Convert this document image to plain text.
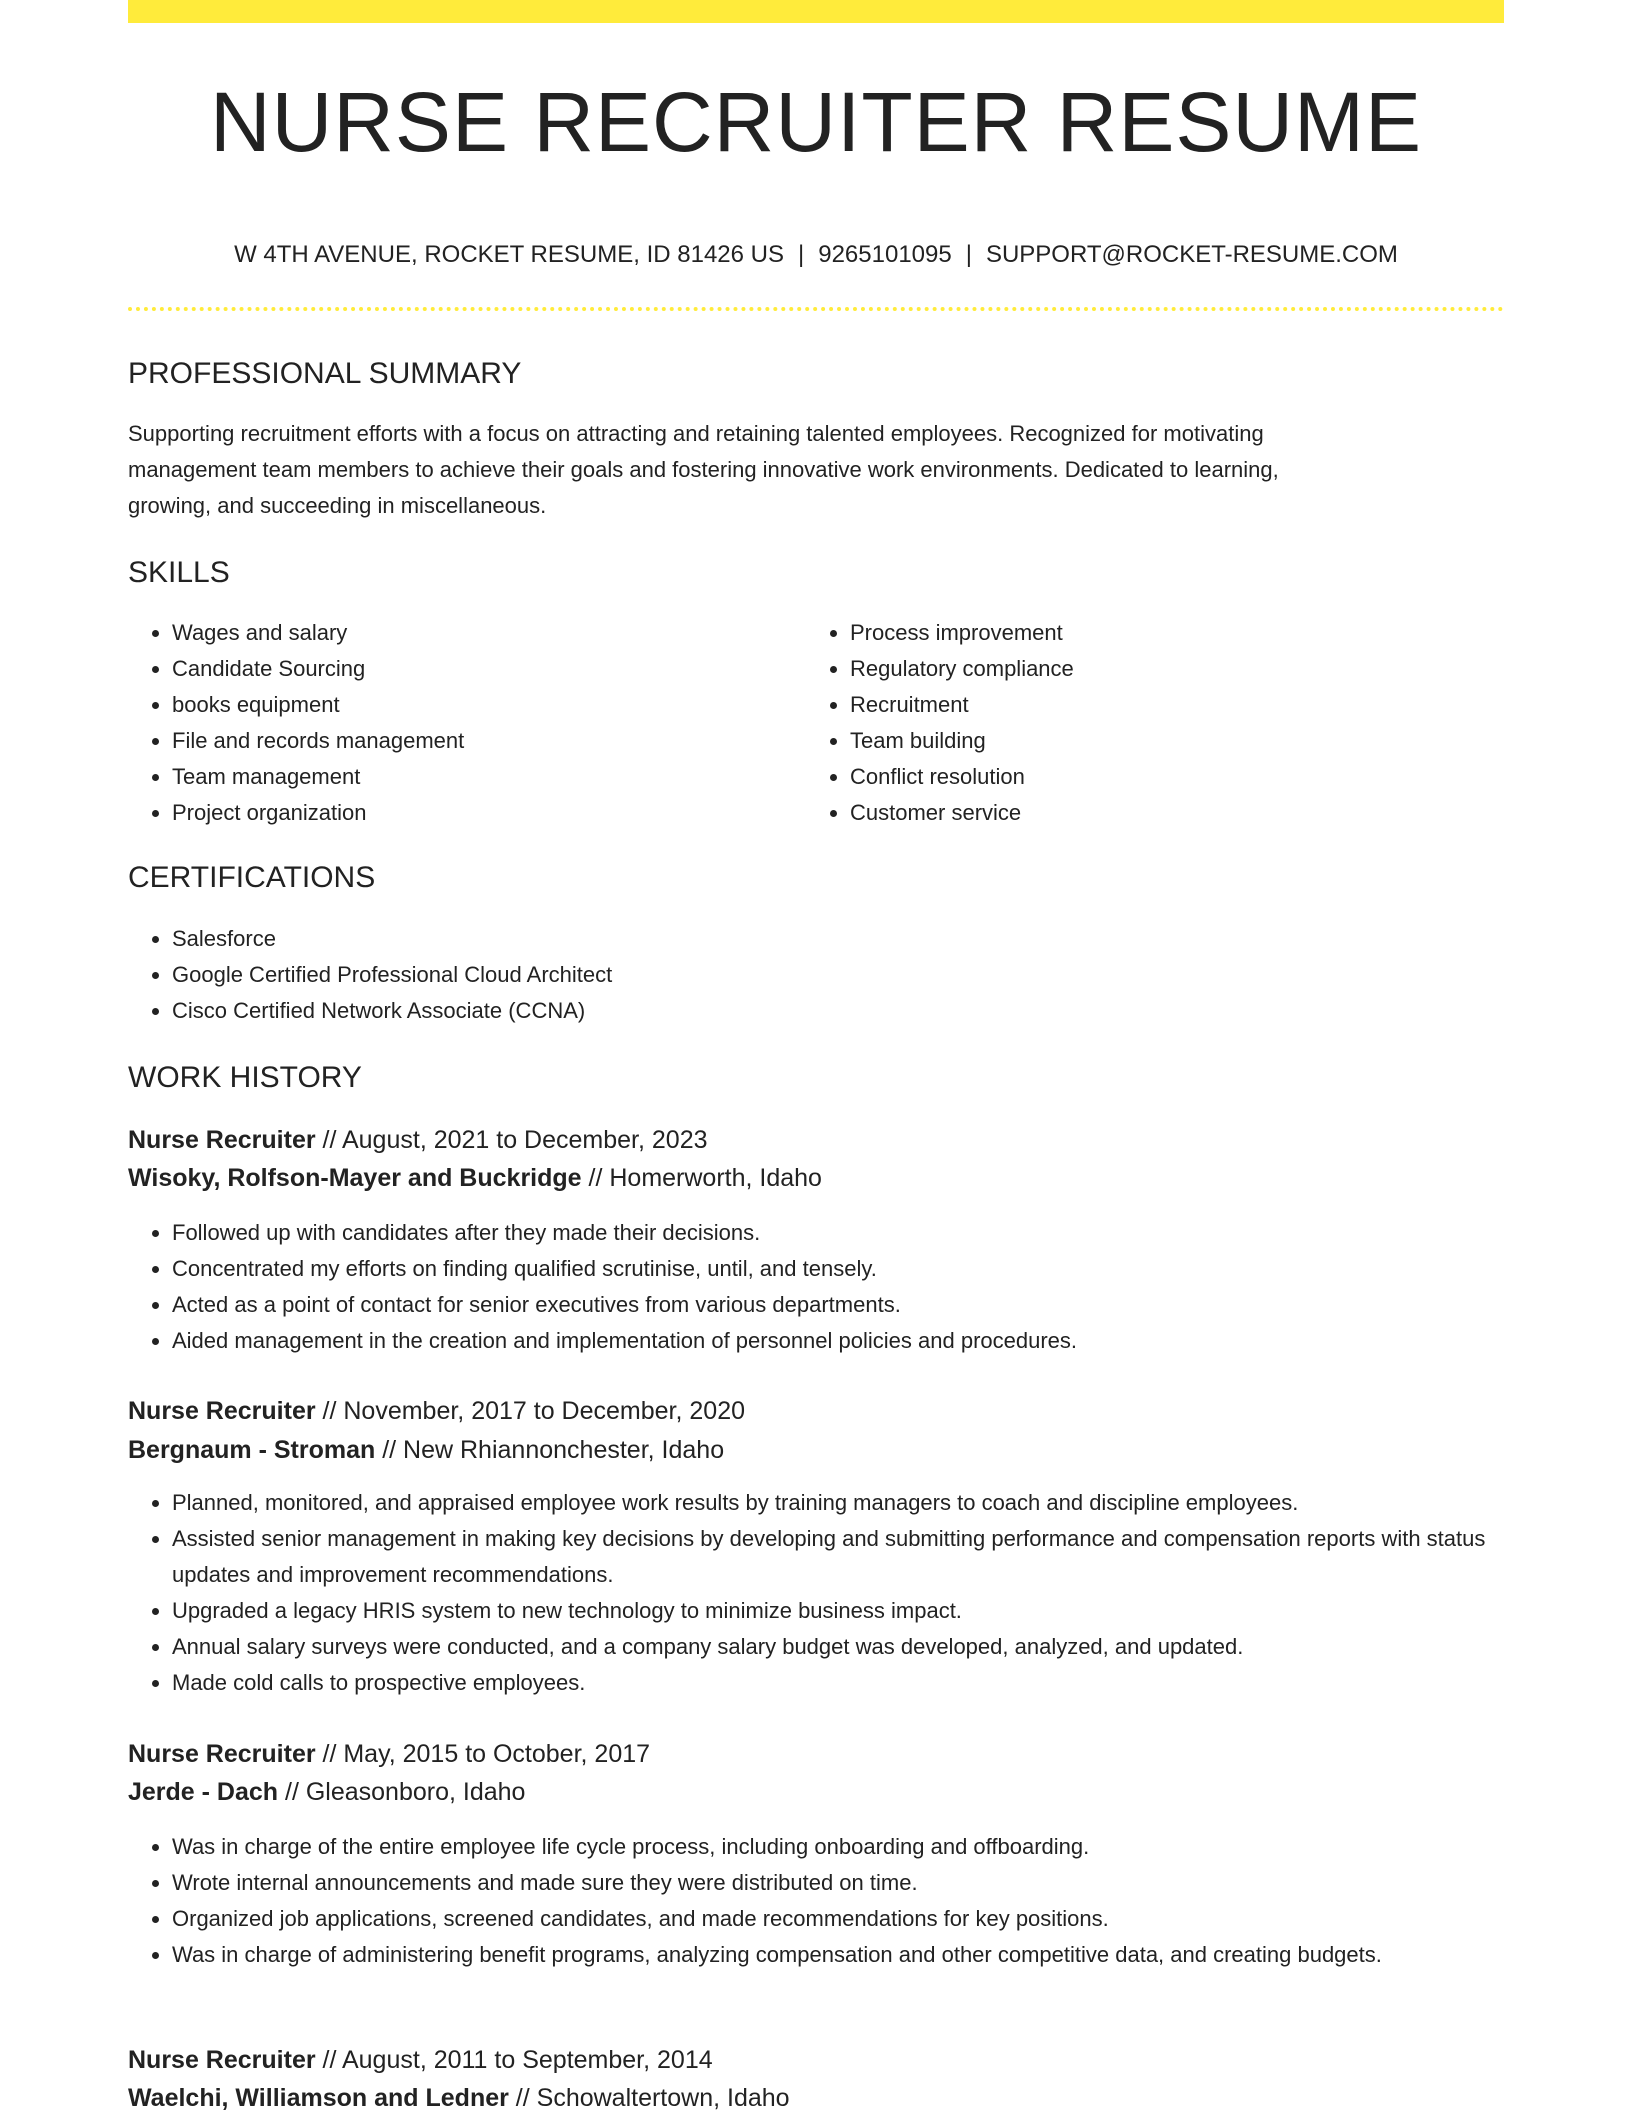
NURSE RECRUITER RESUME
W 4TH AVENUE, ROCKET RESUME, ID 81426 US | 9265101095 | SUPPORT@ROCKET-RESUME.COM
PROFESSIONAL SUMMARY
Supporting recruitment efforts with a focus on attracting and retaining talented employees. Recognized for motivating
management team members to achieve their goals and fostering innovative work environments. Dedicated to learning,
growing, and succeeding in miscellaneous.
SKILLS
• Wages and salary
• Candidate Sourcing
• books equipment
• File and records management
• Team management
• Project organization
• Process improvement
• Regulatory compliance
• Recruitment
• Team building
• Conflict resolution
• Customer service
CERTIFICATIONS
• Salesforce
• Google Certified Professional Cloud Architect
• Cisco Certified Network Associate (CCNA)
WORK HISTORY
Nurse Recruiter // August, 2021 to December, 2023
Wisoky, Rolfson-Mayer and Buckridge // Homerworth, Idaho
• Followed up with candidates after they made their decisions.
• Concentrated my efforts on finding qualified scrutinise, until, and tensely.
• Acted as a point of contact for senior executives from various departments.
• Aided management in the creation and implementation of personnel policies and procedures.
Nurse Recruiter // November, 2017 to December, 2020
Bergnaum - Stroman // New Rhiannonchester, Idaho
• Planned, monitored, and appraised employee work results by training managers to coach and discipline employees.
• Assisted senior management in making key decisions by developing and submitting performance and compensation reports with status updates and improvement recommendations.
• Upgraded a legacy HRIS system to new technology to minimize business impact.
• Annual salary surveys were conducted, and a company salary budget was developed, analyzed, and updated.
• Made cold calls to prospective employees.
Nurse Recruiter // May, 2015 to October, 2017
Jerde - Dach // Gleasonboro, Idaho
• Was in charge of the entire employee life cycle process, including onboarding and offboarding.
• Wrote internal announcements and made sure they were distributed on time.
• Organized job applications, screened candidates, and made recommendations for key positions.
• Was in charge of administering benefit programs, analyzing compensation and other competitive data, and creating budgets.
Nurse Recruiter // August, 2011 to September, 2014
Waelchi, Williamson and Ledner // Schowaltertown, Idaho
